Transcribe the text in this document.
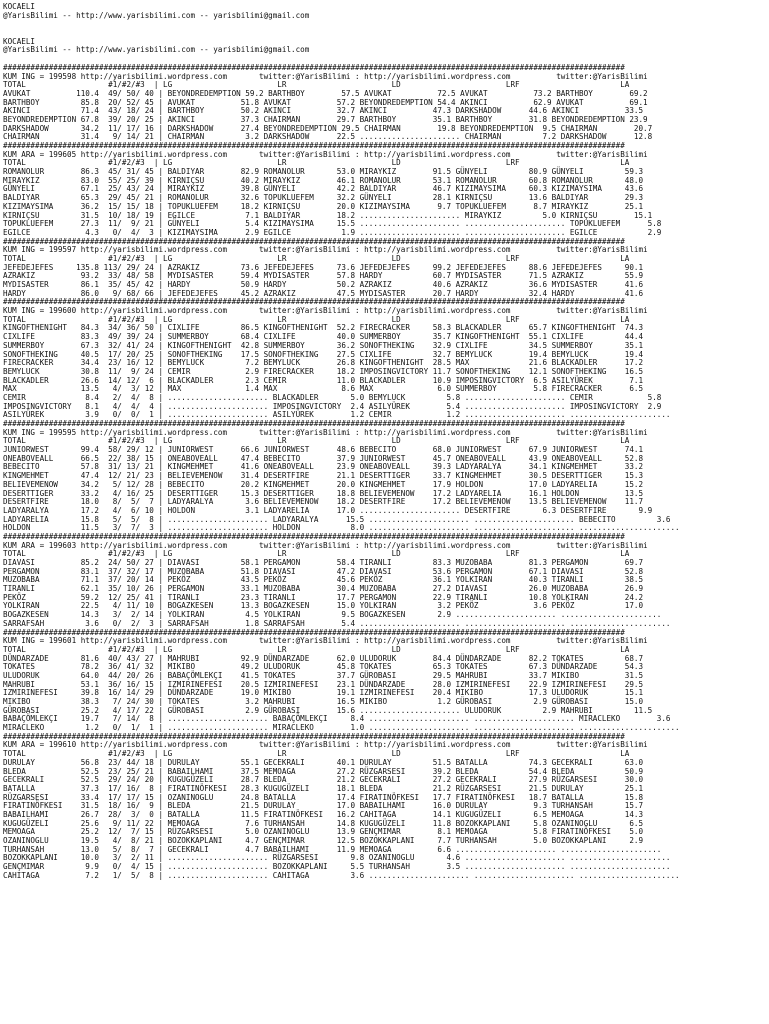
KOCAELI
@YarisBilimi -- http://www.yarisbilimi.com -- yarisbilimi@gmail.com

KOCAELI
@YarisBilimi -- http://www.yarisbilimi.com -- yarisbilimi@gmail.com

########################################################################################################################################
KUM ING = 199598 http://yarisbilimi.wordpress.com       twitter:@YarisBilimi : http://yarisbilimi.wordpress.com          twitter:@YarisBilimi
TOTAL                  #1/#2/#3  | LG                       LR                       LD                       LRF                      LA
AVUKAT          110.4  49/ 50/ 40 | BEYONDREDEMPTION 59.2 BARTHBOY        57.5 AVUKAT          72.5 AVUKAT          73.2 BARTHBOY        69.2
BARTHBOY         85.8  20/ 52/ 45 | AVUKAT          51.8 AVUKAT          57.2 BEYONDREDEMPTION 54.4 AKINCI          62.9 AVUKAT          69.1
AKINCI           71.4  43/ 18/ 24 | BARTHBOY        50.2 AKINCI          32.7 AKINCI          47.3 DARKSHADOW      44.6 AKINCI          33.5
BEYONDREDEMPTION 67.8  39/ 20/ 25 | AKINCI          37.3 CHAIRMAN        29.7 BARTHBOY        35.1 BARTHBOY        31.8 BEYONDREDEMPTION 23.9
DARKSHADOW       34.2  11/ 17/ 16 | DARKSHADOW      27.4 BEYONDREDEMPTION 29.5 CHAIRMAN        19.8 BEYONDREDEMPTION  9.5 CHAIRMAN        20.7
CHAIRMAN         31.4   9/ 14/ 21 | CHAIRMAN         3.2 DARKSHADOW      22.5 ...................... CHAIRMAN         7.2 DARKSHADOW      12.8
########################################################################################################################################
KUM ARA = 199605 http://yarisbilimi.wordpress.com       twitter:@YarisBilimi : http://yarisbilimi.wordpress.com          twitter:@YarisBilimi
TOTAL                  #1/#2/#3  | LG                       LR                       LD                       LRF                      LA
ROMANOLUR        86.3  45/ 31/ 45 | BALDIYAR        82.9 ROMANOLUR       53.0 MIRAYKIZ        91.5 GÜNYELI         80.9 GÜNYELI         59.3
MIRAYKIZ         83.0  55/ 25/ 39 | KIRNIÇSU        40.2 MIRAYKIZ        46.1 ROMANOLUR       53.1 ROMANOLUR       60.8 ROMANOLUR       48.0
GÜNYELI          67.1  25/ 43/ 24 | MIRAYKIZ        39.8 GÜNYELI         42.2 BALDIYAR        46.7 KIZIMAYSIMA     60.3 KIZIMAYSIMA     43.6
BALDIYAR         65.3  29/ 45/ 21 | ROMANOLUR       32.6 TOPUKLUEFEM     32.2 GÜNYELI         28.1 KIRNIÇSU        13.6 BALDIYAR        29.3
KIZIMAYSIMA      36.2  15/ 15/ 18 | TOPUKLUEFEM     18.2 KIRNIÇSU        20.0 KIZIMAYSIMA      9.7 TOPUKLUEFEM      8.7 MIRAYKIZ        25.1
KIRNIÇSU         31.5  10/ 18/ 19 | EGILCE           7.1 BALDIYAR        18.2 ...................... MIRAYKIZ         5.0 KIRNIÇSU        15.1
TOPUKLUEFEM      27.3  11/  9/ 21 | GÜNYELI          5.4 KIZIMAYSIMA     15.5 ...................... ...................... TOPUKLUEFEM      5.8
EGILCE            4.3   0/  4/  3 | KIZIMAYSIMA      2.9 EGILCE           1.9 ...................... ...................... EGILCE           2.9
########################################################################################################################################
KUM ING = 199597 http://yarisbilimi.wordpress.com       twitter:@YarisBilimi : http://yarisbilimi.wordpress.com          twitter:@YarisBilimi
TOTAL                  #1/#2/#3  | LG                       LR                       LD                       LRF                      LA
JEFEDEJEFES     135.8 113/ 29/ 24 | AZRAKIZ         73.6 JEFEDEJEFES     73.6 JEFEDEJEFES     99.2 JEFEDEJEFES     88.6 JEFEDEJEFES     90.1
AZRAKIZ          93.2  33/ 48/ 58 | MYDISASTER      59.4 MYDISASTER      57.8 HARDY           60.7 MYDISASTER      71.5 AZRAKIZ         55.9
MYDISASTER       86.1  35/ 45/ 42 | HARDY           50.9 HARDY           50.2 AZRAKIZ         40.6 AZRAKIZ         36.6 MYDISASTER      41.6
HARDY            86.0   9/ 68/ 66 | JEFEDEJEFES     45.2 AZRAKIZ         47.5 MYDISASTER      20.7 HARDY           32.4 HARDY           41.6
########################################################################################################################################
KUM ING = 199600 http://yarisbilimi.wordpress.com       twitter:@YarisBilimi : http://yarisbilimi.wordpress.com          twitter:@YarisBilimi
TOTAL                  #1/#2/#3  | LG                       LR                       LD                       LRF                      LA
KINGOFTHENIGHT   84.3  34/ 36/ 50 | CIXLIFE         86.5 KINGOFTHENIGHT  52.2 FIRECRACKER     58.3 BLACKADLER      65.7 KINGOFTHENIGHT  74.3
CIXLIFE          83.3  49/ 39/ 24 | SUMMERBOY       68.4 CIXLIFE         40.0 SUMMERBOY       35.7 KINGOFTHENIGHT  55.1 CIXLIFE         44.4
SUMMERBOY        67.3  32/ 41/ 24 | KINGOFTHENIGHT  42.8 SUMMERBOY       36.2 SONOFTHEKING    32.9 CIXLIFE         34.5 SUMMERBOY       35.1
SONOFTHEKING     40.5  17/ 20/ 25 | SONOFTHEKING    17.5 SONOFTHEKING    27.5 CIXLIFE         32.7 BEMYLUCK        19.4 BEMYLUCK        19.4
FIRECRACKER      34.4  23/ 16/ 12 | BEMYLUCK         7.2 BEMYLUCK        26.8 KINGOFTHENIGHT  28.5 MAX             21.6 BLACKADLER      17.2
BEMYLUCK         30.8  11/  9/ 24 | CEMIR            2.9 FIRECRACKER     18.2 IMPOSINGVICTORY 11.7 SONOFTHEKING    12.1 SONOFTHEKING    16.5
BLACKADLER       26.6  14/ 12/  6 | BLACKADLER       2.3 CEMIR           11.0 BLACKADLER      10.9 IMPOSINGVICTORY  6.5 ASILYÜREK        7.1
MAX              13.5   4/  3/ 12 | MAX              1.4 MAX              8.6 MAX              6.0 SUMMERBOY        5.8 FIRECRACKER      6.5
CEMIR             8.4   2/  4/  8 | ...................... BLACKADLER       5.0 BEMYLUCK         5.8 ...................... CEMIR            5.8
IMPOSINGVICTORY   8.1   4/  4/  4 | ...................... IMPOSINGVICTORY  2.4 ASILYÜREK        5.4 ...................... IMPOSINGVICTORY  2.9
ASILYÜREK         3.9   0/  0/  1 | ...................... ASILYÜREK        1.2 CEMIR            1.2 ...................... ......................
########################################################################################################################################
KUM ING = 199595 http://yarisbilimi.wordpress.com       twitter:@YarisBilimi : http://yarisbilimi.wordpress.com          twitter:@YarisBilimi
TOTAL                  #1/#2/#3  | LG                       LR                       LD                       LRF                      LA
JUNIORWEST       99.4  58/ 29/ 12 | JUNIORWEST      66.6 JUNIORWEST      48.6 BEBECITO        68.0 JUNIORWEST      67.9 JUNIORWEST      74.1
ONEABOVEALL      66.5  22/ 38/ 15 | ONEABOVEALL     47.4 BEBECITO        37.9 JUNIORWEST      45.7 ONEABOVEALL     43.9 ONEABOVEALL     52.8
BEBECITO         57.8  31/ 13/ 21 | KINGMEHMET      41.6 ONEABOVEALL     23.9 ONEABOVEALL     39.3 LADYARALYA      34.1 KINGMEHMET      33.2
KINGMEHMET       47.4  12/ 21/ 23 | BELIEVEMENOW    31.4 DESERTFIRE      21.1 DESERTTIGER     33.7 KINGMEHMET      30.5 DESERTTIGER     15.3
BELIEVEMENOW     34.2   5/ 12/ 28 | BEBECITO        20.2 KINGMEHMET      20.0 KINGMEHMET      17.9 HOLDON          17.0 LADYARELIA      15.2
DESERTTIGER      33.2   4/ 16/ 25 | DESERTTIGER     15.3 DESERTTIGER     18.8 BELIEVEMENOW    17.2 LADYARELIA      16.1 HOLDON          13.5
DESERTFIRE       18.0   8/  5/  7 | LADYARALYA       3.6 BELIEVEMENOW    18.2 DESERTFIRE      17.2 BELIEVEMENOW    13.5 BELIEVEMENOW    11.7
LADYARALYA       17.2   4/  6/ 10 | HOLDON           3.1 LADYARELIA      17.0 ...................... DESERTFIRE       6.3 DESERTFIRE       9.9
LADYARELIA       15.8   5/  5/  8 | ...................... LADYARALYA      15.5 ...................... ...................... BEBECITO         3.6
HOLDON           11.5   3/  7/  3 | ...................... HOLDON           8.0 ...................... ...................... ......................
########################################################################################################################################
KUM ARA = 199603 http://yarisbilimi.wordpress.com       twitter:@YarisBilimi : http://yarisbilimi.wordpress.com          twitter:@YarisBilimi
TOTAL                  #1/#2/#3  | LG                       LR                       LD                       LRF                      LA
DIAVASI          85.2  24/ 50/ 27 | DIAVASI         58.1 PERGAMON        58.4 TIRANLI         83.3 MUZOBABA        81.3 PERGAMON        69.7
PERGAMON         83.1  37/ 32/ 17 | MUZOBABA        51.8 DIAVASI         47.2 DIAVASI         53.6 PERGAMON        67.1 DIAVASI         52.8
MUZOBABA         71.1  37/ 20/ 14 | PEKÖZ           43.5 PEKÖZ           45.6 PEKÖZ           36.1 YOLKIRAN        40.3 TIRANLI         38.5
TIRANLI          62.1  35/ 10/ 26 | PERGAMON        33.1 MUZOBABA        30.4 MUZOBABA        27.2 DIAVASI         26.0 MUZOBABA        26.9
PEKÖZ            59.2  12/ 25/ 41 | TIRANLI         23.3 TIRANLI         17.7 PERGAMON        22.9 TIRANLI         10.8 YOLKIRAN        24.2
YOLKIRAN         22.5   4/ 11/ 10 | BOGAZKESEN      13.3 BOGAZKESEN      15.0 YOLKIRAN         3.2 PEKÖZ            3.6 PEKÖZ           17.0
BOGAZKESEN       14.3   3/  2/ 14 | YOLKIRAN         4.5 YOLKIRAN         9.5 BOGAZKESEN       2.9 ...................... ......................
SARRAFSAH         3.6   0/  2/  3 | SARRAFSAH        1.8 SARRAFSAH        5.4 ...................... ...................... ......................
########################################################################################################################################
KUM ING = 199601 http://yarisbilimi.wordpress.com       twitter:@YarisBilimi : http://yarisbilimi.wordpress.com          twitter:@YarisBilimi
TOTAL                  #1/#2/#3  | LG                       LR                       LD                       LRF                      LA
DÜNDARZADE       81.6  40/ 43/ 27 | MAHRUBI         92.9 DÜNDARZADE      62.0 ULUDORUK        84.4 DÜNDARZADE      82.2 TOKATES         68.7
TOKATES          78.2  36/ 41/ 32 | MIKIBO          49.2 ULUDORUK        45.8 TOKATES         65.3 TOKATES         67.3 DÜNDARZADE      54.3
ULUDORUK         64.0  44/ 20/ 26 | BABAÇÖMLEKÇI    41.5 TOKATES         37.7 GÜROBASI        29.5 MAHRUBI         33.7 MIKIBO          31.5
MAHRUBI          53.1  36/ 16/ 15 | IZMIRINEFESI    20.5 IZMIRINEFESI    23.1 DÜNDARZADE      28.0 IZMIRINEFESI    22.9 IZMIRINEFESI    29.5
IZMIRINEFESI     39.8  16/ 14/ 29 | DÜNDARZADE      19.0 MIKIBO          19.1 IZMIRINEFESI    20.4 MIKIBO          17.3 ULUDORUK        15.1
MIKIBO           38.3   7/ 24/ 30 | TOKATES          3.2 MAHRUBI         16.5 MIKIBO           1.2 GÜROBASI         2.9 GÜROBASI        15.0
GÜROBASI         25.2   4/ 17/ 22 | GÜROBASI         2.9 GÜROBASI        15.6 ...................... ULUDORUK         2.9 MAHRUBI         11.5
BABAÇÖMLEKÇI     19.7   7/ 14/  8 | ...................... BABAÇÖMLEKÇI     8.4 ...................... ...................... MIRACLEKO        3.6
MIRACLEKO         1.2   0/  1/  1 | ...................... MIRACLEKO        1.0 ...................... ...................... ......................
########################################################################################################################################
KUM ARA = 199610 http://yarisbilimi.wordpress.com       twitter:@YarisBilimi : http://yarisbilimi.wordpress.com          twitter:@YarisBilimi
TOTAL                  #1/#2/#3  | LG                       LR                       LD                       LRF                      LA
DURULAY          56.8  23/ 44/ 18 | DURULAY         55.1 GECEKRALI       40.1 DURULAY         51.5 BATALLA         74.3 GECEKRALI       63.0
BLEDA            52.5  23/ 25/ 21 | BABAILHAMI      37.5 MEMOAGA         27.2 RÜZGARSESI      39.2 BLEDA           54.4 BLEDA           50.9
GECEKRALI        52.5  29/ 24/ 20 | KUGUGÜZELI      28.7 BLEDA           21.2 GECEKRALI       27.2 GECEKRALI       27.9 RÜZGARSESI      30.0
BATALLA          37.3  17/ 16/  8 | FIRATINÖFKESI   28.3 KUGUGÜZELI      18.1 BLEDA           21.2 RÜZGARSESI      21.5 DURULAY         25.1
RÜZGARSESI       33.4  17/ 17/ 15 | OZANINOGLU      24.8 BATALLA         17.4 FIRATINÖFKESI   17.7 FIRATINÖFKESI   18.7 BATALLA         15.8
FIRATINÖFKESI    31.5  18/ 16/  9 | BLEDA           21.5 DURULAY         17.0 BABAILHAMI      16.0 DURULAY          9.3 TURHANSAH       15.7
BABAILHAMI       26.7  28/  3/  0 | BATALLA         11.5 FIRATINÖFKESI   16.2 CAHITAGA        14.1 KUGUGÜZELI       6.5 MEMOAGA         14.3
KUGUGÜZELI       25.6   9/ 11/ 22 | MEMOAGA          7.6 TURHANSAH       14.8 KUGUGÜZELI      11.8 BOZOKKAPLANI     5.8 OZANINOGLU       6.5
MEMOAGA          25.2  12/  7/ 15 | RÜZGARSESI       5.0 OZANINOGLU      13.9 GENÇMIMAR        8.1 MEMOAGA          5.8 FIRATINÖFKESI    5.0
OZANINOGLU       19.5   4/  8/ 21 | BOZOKKAPLANI     4.7 GENÇMIMAR       12.5 BOZOKKAPLANI     7.7 TURHANSAH        5.0 BOZOKKAPLANI     2.9
TURHANSAH        13.0   5/  8/  7 | GECEKRALI        4.7 BABAILHAMI      11.9 MEMOAGA          6.6 ...................... ......................
BOZOKKAPLANI     10.0   3/  2/ 11 | ...................... RÜZGARSESI       9.8 OZANINOGLU       4.6 ...................... ......................
GENÇMIMAR         9.9   0/  4/ 15 | ...................... BOZOKKAPLANI     5.5 TURHANSAH        3.5 ...................... ......................
CAHITAGA          7.2   1/  5/  8 | ...................... CAHITAGA         3.6 ...................... ...................... ......................
